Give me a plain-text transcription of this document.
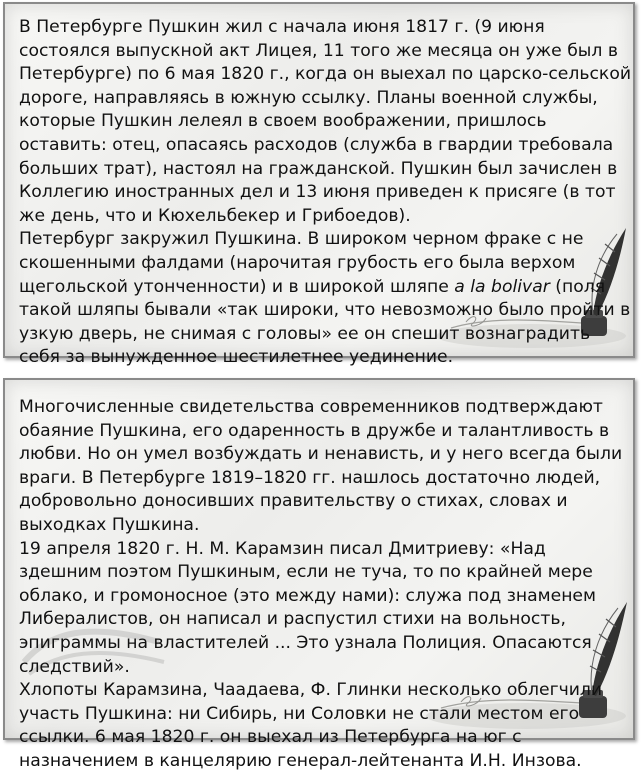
В Петербурге Пушкин жил с начала июня 1817 г. (9 июня состоялся выпускной акт Лицея, 11 того же месяца он уже был в Петербурге) по 6 мая 1820 г., когда он выехал по царско-сельской дороге, направляясь в южную ссылку. Планы военной службы, которые Пушкин лелеял в своем воображении, пришлось оставить: отец, опасаясь расходов (служба в гвардии требовала больших трат), настоял на гражданской. Пушкин был зачислен в Коллегию иностранных дел и 13 июня приведен к присяге (в тот же день, что и Кюхельбекер и Грибоедов).

Петербург закружил Пушкина. В широком черном фраке с не скошенными фалдами (нарочитая грубость его была верхом щегольской утонченности) и в широкой шляпе a la bolivar (поля такой шляпы бывали «так широки, что невозможно было пройти в узкую дверь, не снимая с головы» ее он спешит вознаградить себя за вынужденное шестилетнее уединение.

Многочисленные свидетельства современников подтверждают обаяние Пушкина, его одаренность в дружбе и талантливость в любви. Но он умел возбуждать и ненависть, и у него всегда были враги. В Петербурге 1819–1820 гг. нашлось достаточно людей, добровольно доносивших правительству о стихах, словах и выходках Пушкина.

19 апреля 1820 г. Н. М. Карамзин писал Дмитриеву: «Над здешним поэтом Пушкиным, если не туча, то по крайней мере облако, и громоносное (это между нами): служа под знаменем Либералистов, он написал и распустил стихи на вольность, эпиграммы на властителей ... Это узнала Полиция. Опасаются следствий».

Хлопоты Карамзина, Чаадаева, Ф. Глинки несколько облегчили участь Пушкина: ни Сибирь, ни Соловки не стали местом его ссылки. 6 мая 1820 г. он выехал из Петербурга на юг с назначением в канцелярию генерал-лейтенанта И.Н. Инзова.
